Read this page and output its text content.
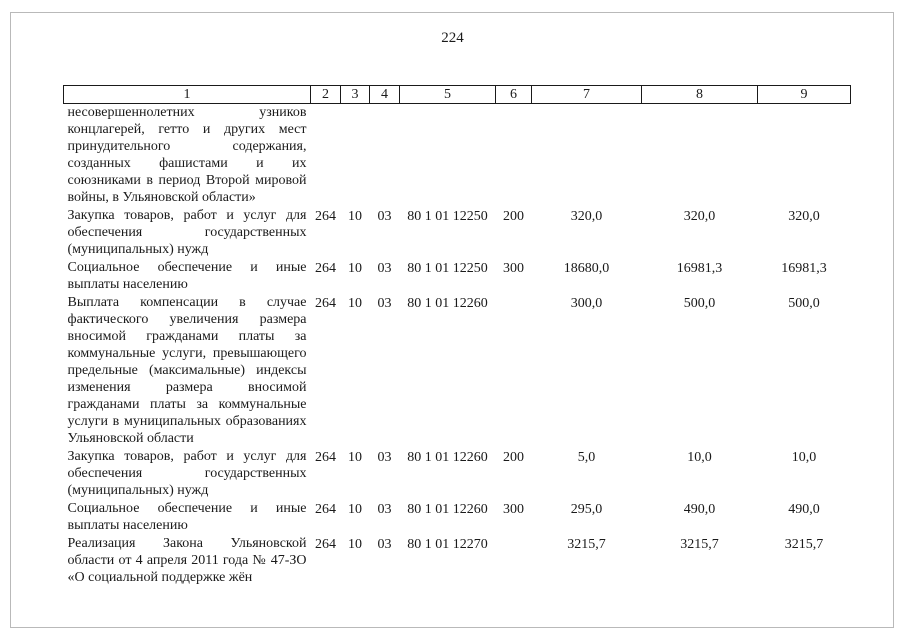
224
1	2	3	4	5	6	7	8	9
несовершеннолетних узников концлагерей, гетто и других мест принудительного содержания, созданных фашистами и их союзниками в период Второй мировой войны, в Ульяновской области»								
Закупка товаров, работ и услуг для обеспечения государственных (муниципальных) нужд	264	10	03	80 1 01 12250	200	320,0	320,0	320,0
Социальное обеспечение и иные выплаты населению	264	10	03	80 1 01 12250	300	18680,0	16981,3	16981,3
Выплата компенсации в случае фактического увеличения размера вносимой гражданами платы за коммунальные услуги, превышающего предельные (максимальные) индексы изменения размера вносимой гражданами платы за коммунальные услуги в муниципальных образованиях Ульяновской области	264	10	03	80 1 01 12260		300,0	500,0	500,0
Закупка товаров, работ и услуг для обеспечения государственных (муниципальных) нужд	264	10	03	80 1 01 12260	200	5,0	10,0	10,0
Социальное обеспечение и иные выплаты населению	264	10	03	80 1 01 12260	300	295,0	490,0	490,0
Реализация Закона Ульяновской области от 4 апреля 2011 года № 47-ЗО «О социальной поддержке жён	264	10	03	80 1 01 12270		3215,7	3215,7	3215,7
